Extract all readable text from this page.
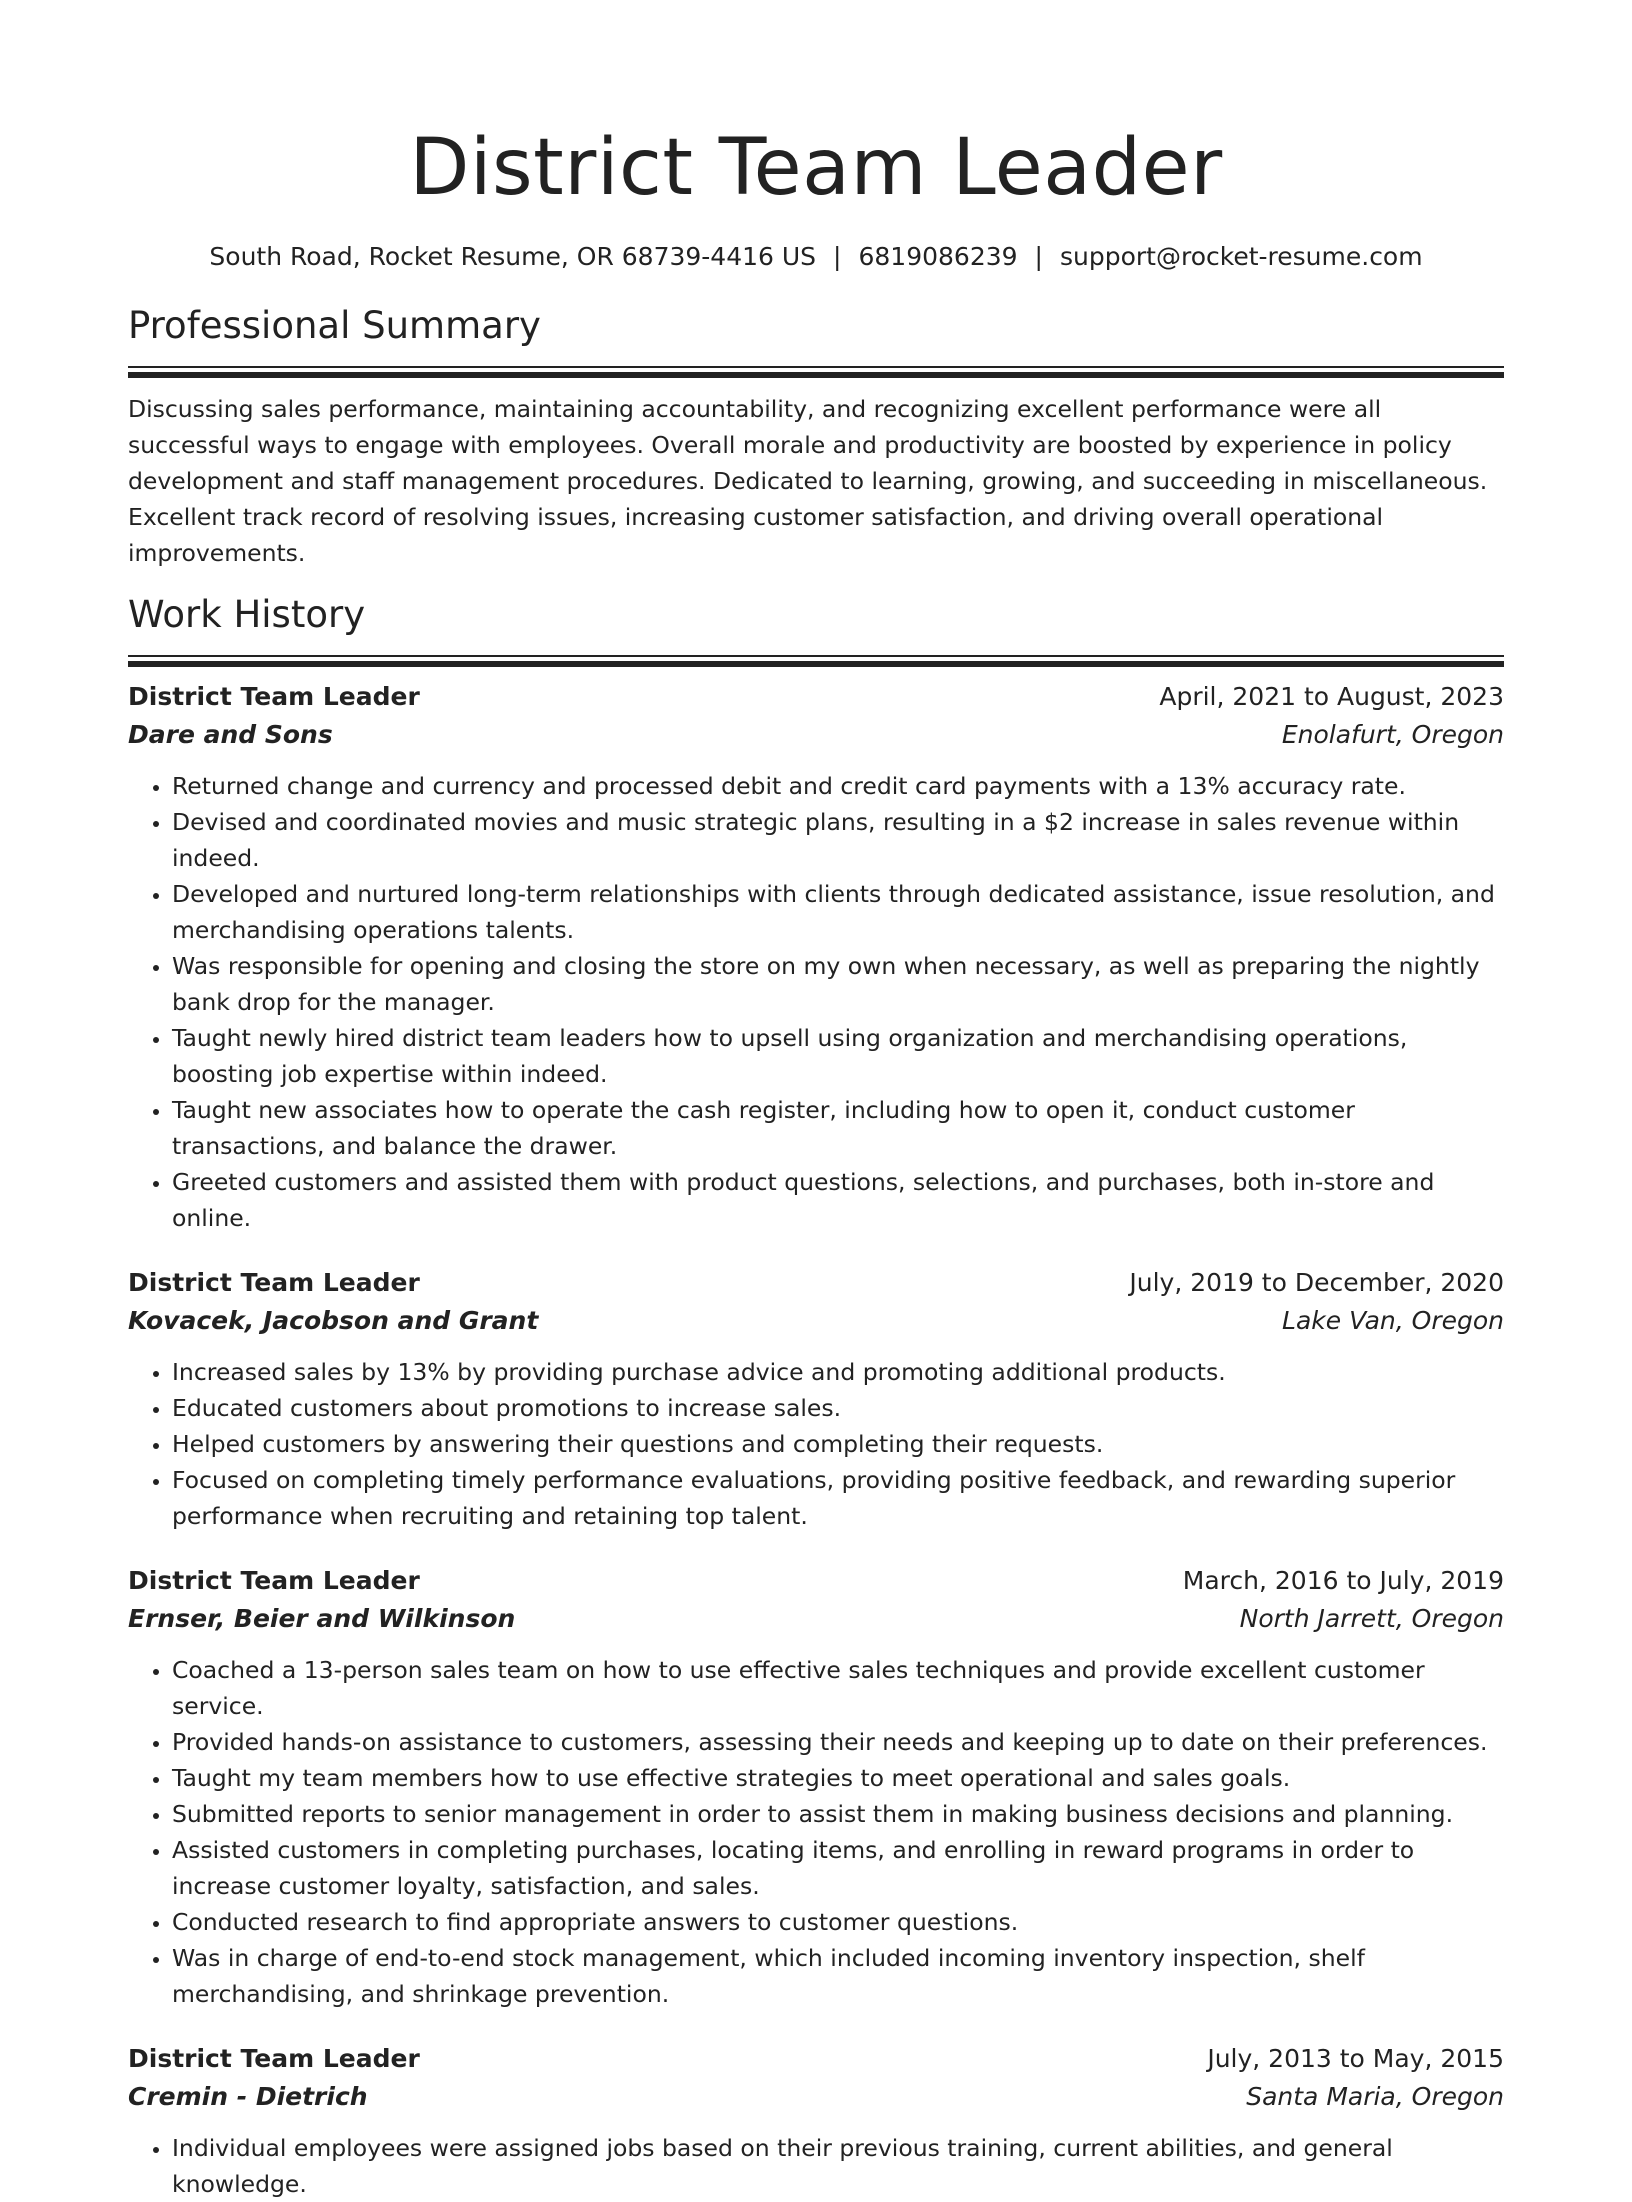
District Team Leader
South Road, Rocket Resume, OR 68739-4416 US | 6819086239 | support@rocket-resume.com
Professional Summary

Discussing sales performance, maintaining accountability, and recognizing excellent performance were all successful ways to engage with employees. Overall morale and productivity are boosted by experience in policy development and staff management procedures. Dedicated to learning, growing, and succeeding in miscellaneous. Excellent track record of resolving issues, increasing customer satisfaction, and driving overall operational improvements.

Work History
District Team Leader	April, 2021 to August, 2023
Dare and Sons	Enolafurt, Oregon
• Returned change and currency and processed debit and credit card payments with a 13% accuracy rate.
• Devised and coordinated movies and music strategic plans, resulting in a $2 increase in sales revenue within indeed.
• Developed and nurtured long-term relationships with clients through dedicated assistance, issue resolution, and merchandising operations talents.
• Was responsible for opening and closing the store on my own when necessary, as well as preparing the nightly bank drop for the manager.
• Taught newly hired district team leaders how to upsell using organization and merchandising operations, boosting job expertise within indeed.
• Taught new associates how to operate the cash register, including how to open it, conduct customer transactions, and balance the drawer.
• Greeted customers and assisted them with product questions, selections, and purchases, both in-store and online.
District Team Leader	July, 2019 to December, 2020
Kovacek, Jacobson and Grant	Lake Van, Oregon
• Increased sales by 13% by providing purchase advice and promoting additional products.
• Educated customers about promotions to increase sales.
• Helped customers by answering their questions and completing their requests.
• Focused on completing timely performance evaluations, providing positive feedback, and rewarding superior performance when recruiting and retaining top talent.
District Team Leader	March, 2016 to July, 2019
Ernser, Beier and Wilkinson	North Jarrett, Oregon
• Coached a 13-person sales team on how to use effective sales techniques and provide excellent customer service.
• Provided hands-on assistance to customers, assessing their needs and keeping up to date on their preferences.
• Taught my team members how to use effective strategies to meet operational and sales goals.
• Submitted reports to senior management in order to assist them in making business decisions and planning.
• Assisted customers in completing purchases, locating items, and enrolling in reward programs in order to increase customer loyalty, satisfaction, and sales.
• Conducted research to find appropriate answers to customer questions.
• Was in charge of end-to-end stock management, which included incoming inventory inspection, shelf merchandising, and shrinkage prevention.
District Team Leader	July, 2013 to May, 2015
Cremin - Dietrich	Santa Maria, Oregon
• Individual employees were assigned jobs based on their previous training, current abilities, and general knowledge.
